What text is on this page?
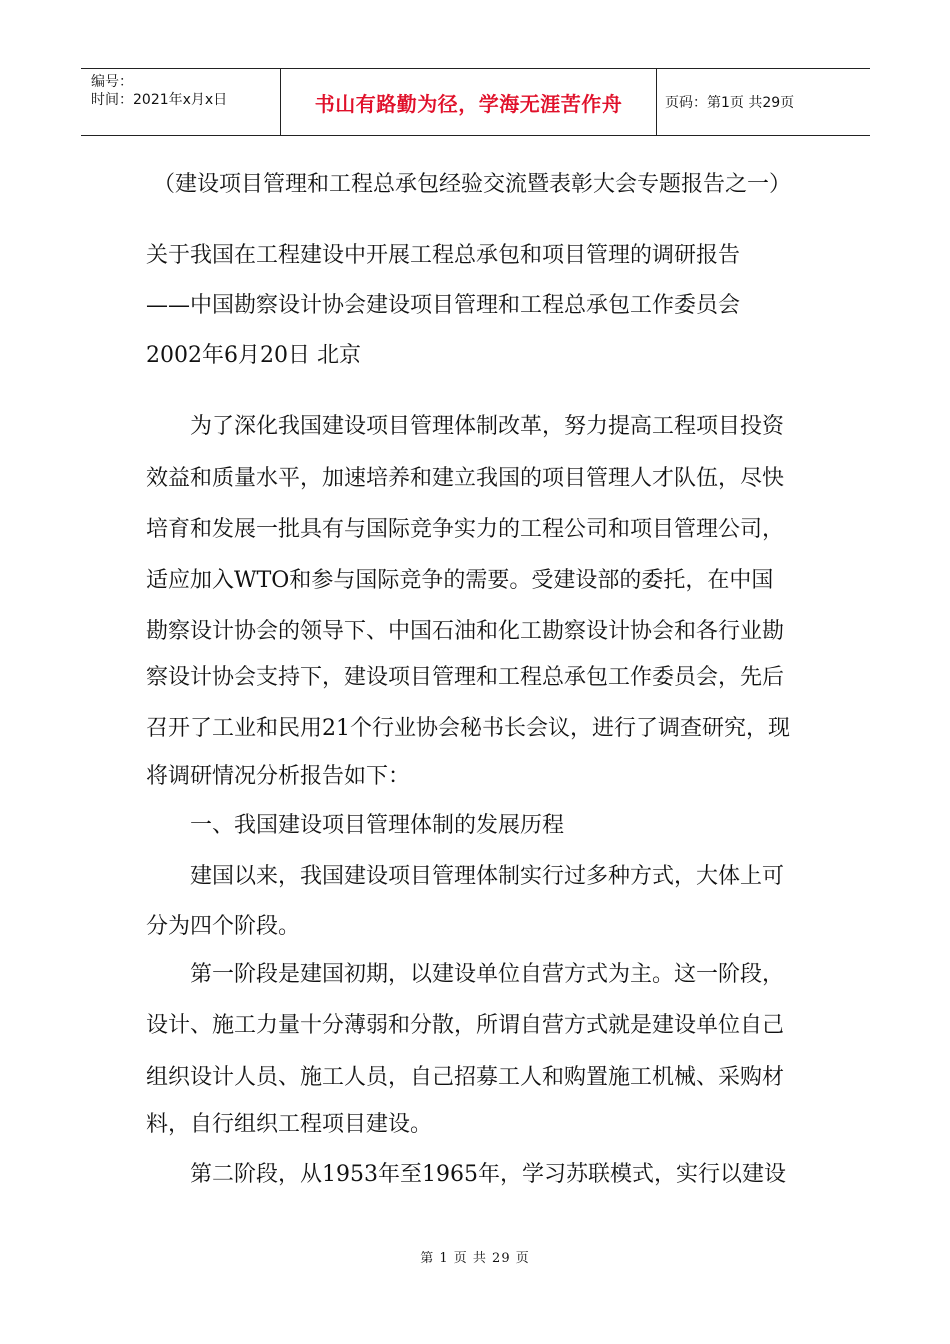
编号：
时间：2021年x月x日	书山有路勤为径，学海无涯苦作舟	页码：第1页 共29页
（建设项目管理和工程总承包经验交流暨表彰大会专题报告之一）
关于我国在工程建设中开展工程总承包和项目管理的调研报告
——中国勘察设计协会建设项目管理和工程总承包工作委员会
2002年6月20日 北京
为了深化我国建设项目管理体制改革，努力提高工程项目投资
效益和质量水平，加速培养和建立我国的项目管理人才队伍，尽快
培育和发展一批具有与国际竞争实力的工程公司和项目管理公司，
适应加入WTO和参与国际竞争的需要。受建设部的委托，在中国
勘察设计协会的领导下、中国石油和化工勘察设计协会和各行业勘
察设计协会支持下，建设项目管理和工程总承包工作委员会，先后
召开了工业和民用21个行业协会秘书长会议，进行了调查研究，现
将调研情况分析报告如下：
一、我国建设项目管理体制的发展历程
建国以来，我国建设项目管理体制实行过多种方式，大体上可
分为四个阶段。
第一阶段是建国初期，以建设单位自营方式为主。这一阶段，
设计、施工力量十分薄弱和分散，所谓自营方式就是建设单位自己
组织设计人员、施工人员，自己招募工人和购置施工机械、采购材
料，自行组织工程项目建设。
第二阶段，从1953年至1965年，学习苏联模式，实行以建设
第 1 页 共 29 页
